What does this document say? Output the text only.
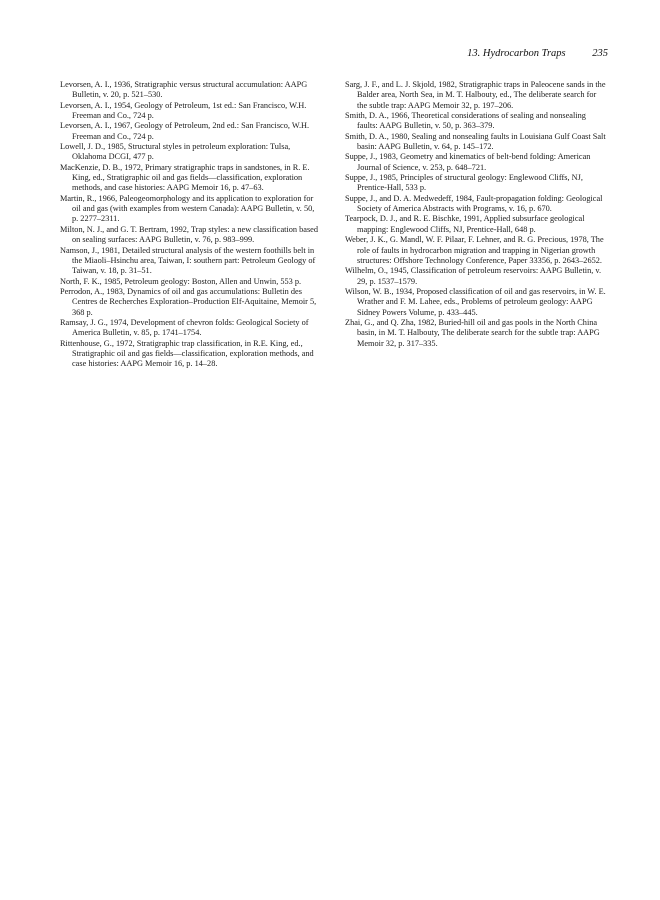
13. Hydrocarbon Traps	235

Levorsen, A. I., 1936, Stratigraphic versus structural accumulation: AAPG Bulletin, v. 20, p. 521–530.

Levorsen, A. I., 1954, Geology of Petroleum, 1st ed.: San Francisco, W.H. Freeman and Co., 724 p.

Levorsen, A. I., 1967, Geology of Petroleum, 2nd ed.: San Francisco, W.H. Freeman and Co., 724 p.

Lowell, J. D., 1985, Structural styles in petroleum exploration: Tulsa, Oklahoma DCGI, 477 p.

MacKenzie, D. B., 1972, Primary stratigraphic traps in sandstones, in R. E. King, ed., Stratigraphic oil and gas fields—classification, exploration methods, and case histories: AAPG Memoir 16, p. 47–63.

Martin, R., 1966, Paleogeomorphology and its application to exploration for oil and gas (with examples from western Canada): AAPG Bulletin, v. 50, p. 2277–2311.

Milton, N. J., and G. T. Bertram, 1992, Trap styles: a new classification based on sealing surfaces: AAPG Bulletin, v. 76, p. 983–999.

Namson, J., 1981, Detailed structural analysis of the western foothills belt in the Miaoli–Hsinchu area, Taiwan, I: southern part: Petroleum Geology of Taiwan, v. 18, p. 31–51.

North, F. K., 1985, Petroleum geology: Boston, Allen and Unwin, 553 p.

Perrodon, A., 1983, Dynamics of oil and gas accumulations: Bulletin des Centres de Recherches Exploration–Production Elf-Aquitaine, Memoir 5, 368 p.

Ramsay, J. G., 1974, Development of chevron folds: Geological Society of America Bulletin, v. 85, p. 1741–1754.

Rittenhouse, G., 1972, Stratigraphic trap classification, in R.E. King, ed., Stratigraphic oil and gas fields—classification, exploration methods, and case histories: AAPG Memoir 16, p. 14–28.

Sarg, J. F., and L. J. Skjold, 1982, Stratigraphic traps in Paleocene sands in the Balder area, North Sea, in M. T. Halbouty, ed., The deliberate search for the subtle trap: AAPG Memoir 32, p. 197–206.

Smith, D. A., 1966, Theoretical considerations of sealing and nonsealing faults: AAPG Bulletin, v. 50, p. 363–379.

Smith, D. A., 1980, Sealing and nonsealing faults in Louisiana Gulf Coast Salt basin: AAPG Bulletin, v. 64, p. 145–172.

Suppe, J., 1983, Geometry and kinematics of belt-bend folding: American Journal of Science, v. 253, p. 648–721.

Suppe, J., 1985, Principles of structural geology: Englewood Cliffs, NJ, Prentice-Hall, 533 p.

Suppe, J., and D. A. Medwedeff, 1984, Fault-propagation folding: Geological Society of America Abstracts with Programs, v. 16, p. 670.

Tearpock, D. J., and R. E. Bischke, 1991, Applied subsurface geological mapping: Englewood Cliffs, NJ, Prentice-Hall, 648 p.

Weber, J. K., G. Mandl, W. F. Pilaar, F. Lehner, and R. G. Precious, 1978, The role of faults in hydrocarbon migration and trapping in Nigerian growth structures: Offshore Technology Conference, Paper 33356, p. 2643–2652.

Wilhelm, O., 1945, Classification of petroleum reservoirs: AAPG Bulletin, v. 29, p. 1537–1579.

Wilson, W. B., 1934, Proposed classification of oil and gas reservoirs, in W. E. Wrather and F. M. Lahee, eds., Problems of petroleum geology: AAPG Sidney Powers Volume, p. 433–445.

Zhai, G., and Q. Zha, 1982, Buried-hill oil and gas pools in the North China basin, in M. T. Halbouty, The deliberate search for the subtle trap: AAPG Memoir 32, p. 317–335.
